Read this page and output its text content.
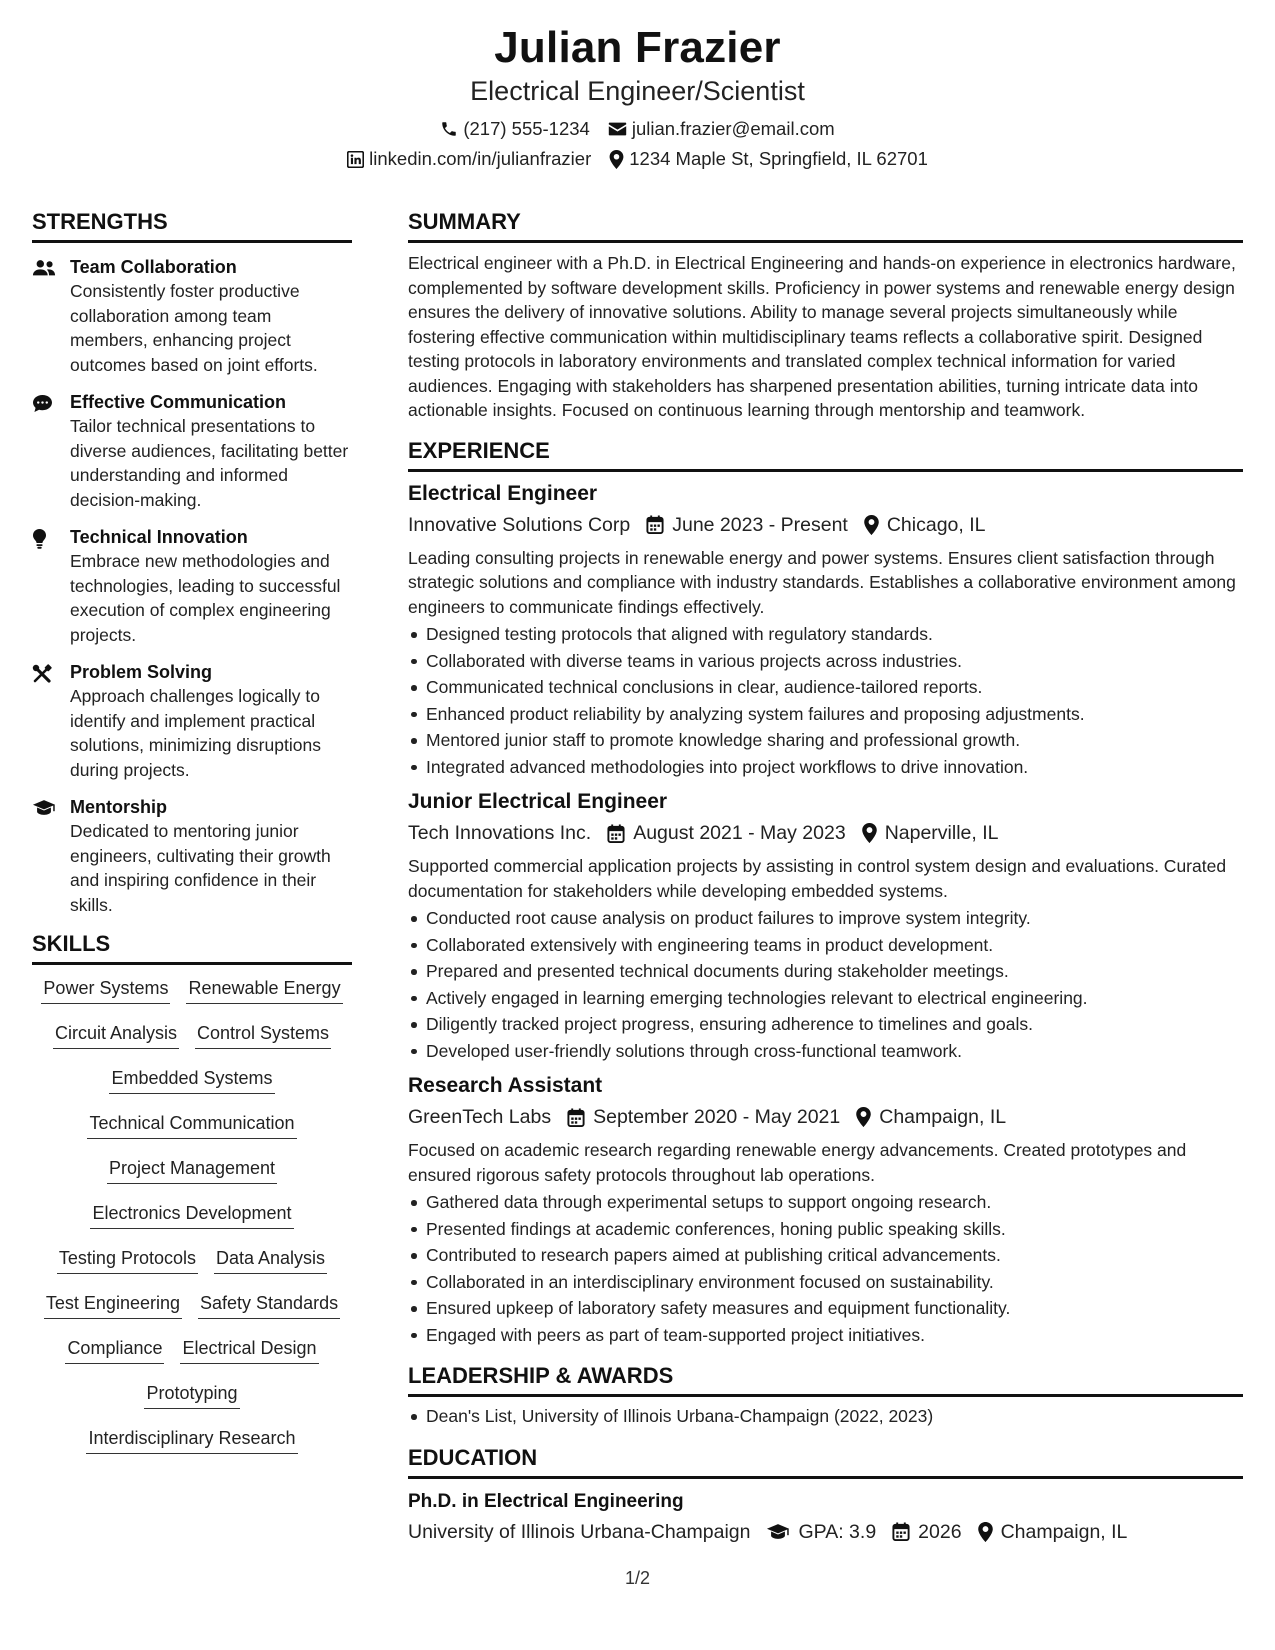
Julian Frazier
Electrical Engineer/Scientist
(217) 555-1234 julian.frazier@email.com
linkedin.com/in/julianfrazier 1234 Maple St, Springfield, IL 62701
STRENGTHS
Team Collaboration
Consistently foster productive collaboration among team members, enhancing project outcomes based on joint efforts.
Effective Communication
Tailor technical presentations to diverse audiences, facilitating better understanding and informed decision-making.
Technical Innovation
Embrace new methodologies and technologies, leading to successful execution of complex engineering projects.
Problem Solving
Approach challenges logically to identify and implement practical solutions, minimizing disruptions during projects.
Mentorship
Dedicated to mentoring junior engineers, cultivating their growth and inspiring confidence in their skills.
SKILLS
Power Systems Renewable Energy
Circuit Analysis Control Systems
Embedded Systems
Technical Communication
Project Management
Electronics Development
Testing Protocols Data Analysis
Test Engineering Safety Standards
Compliance Electrical Design
Prototyping
Interdisciplinary Research
SUMMARY
Electrical engineer with a Ph.D. in Electrical Engineering and hands-on experience in electronics hardware, complemented by software development skills. Proficiency in power systems and renewable energy design ensures the delivery of innovative solutions. Ability to manage several projects simultaneously while fostering effective communication within multidisciplinary teams reflects a collaborative spirit. Designed testing protocols in laboratory environments and translated complex technical information for varied audiences. Engaging with stakeholders has sharpened presentation abilities, turning intricate data into actionable insights. Focused on continuous learning through mentorship and teamwork.
EXPERIENCE
Electrical Engineer
Innovative Solutions Corp June 2023 - Present Chicago, IL
Leading consulting projects in renewable energy and power systems. Ensures client satisfaction through strategic solutions and compliance with industry standards. Establishes a collaborative environment among engineers to communicate findings effectively.
Designed testing protocols that aligned with regulatory standards.
Collaborated with diverse teams in various projects across industries.
Communicated technical conclusions in clear, audience-tailored reports.
Enhanced product reliability by analyzing system failures and proposing adjustments.
Mentored junior staff to promote knowledge sharing and professional growth.
Integrated advanced methodologies into project workflows to drive innovation.
Junior Electrical Engineer
Tech Innovations Inc. August 2021 - May 2023 Naperville, IL
Supported commercial application projects by assisting in control system design and evaluations. Curated documentation for stakeholders while developing embedded systems.
Conducted root cause analysis on product failures to improve system integrity.
Collaborated extensively with engineering teams in product development.
Prepared and presented technical documents during stakeholder meetings.
Actively engaged in learning emerging technologies relevant to electrical engineering.
Diligently tracked project progress, ensuring adherence to timelines and goals.
Developed user-friendly solutions through cross-functional teamwork.
Research Assistant
GreenTech Labs September 2020 - May 2021 Champaign, IL
Focused on academic research regarding renewable energy advancements. Created prototypes and ensured rigorous safety protocols throughout lab operations.
Gathered data through experimental setups to support ongoing research.
Presented findings at academic conferences, honing public speaking skills.
Contributed to research papers aimed at publishing critical advancements.
Collaborated in an interdisciplinary environment focused on sustainability.
Ensured upkeep of laboratory safety measures and equipment functionality.
Engaged with peers as part of team-supported project initiatives.
LEADERSHIP & AWARDS
Dean's List, University of Illinois Urbana-Champaign (2022, 2023)
EDUCATION
Ph.D. in Electrical Engineering
University of Illinois Urbana-Champaign GPA: 3.9 2026 Champaign, IL
1/2
